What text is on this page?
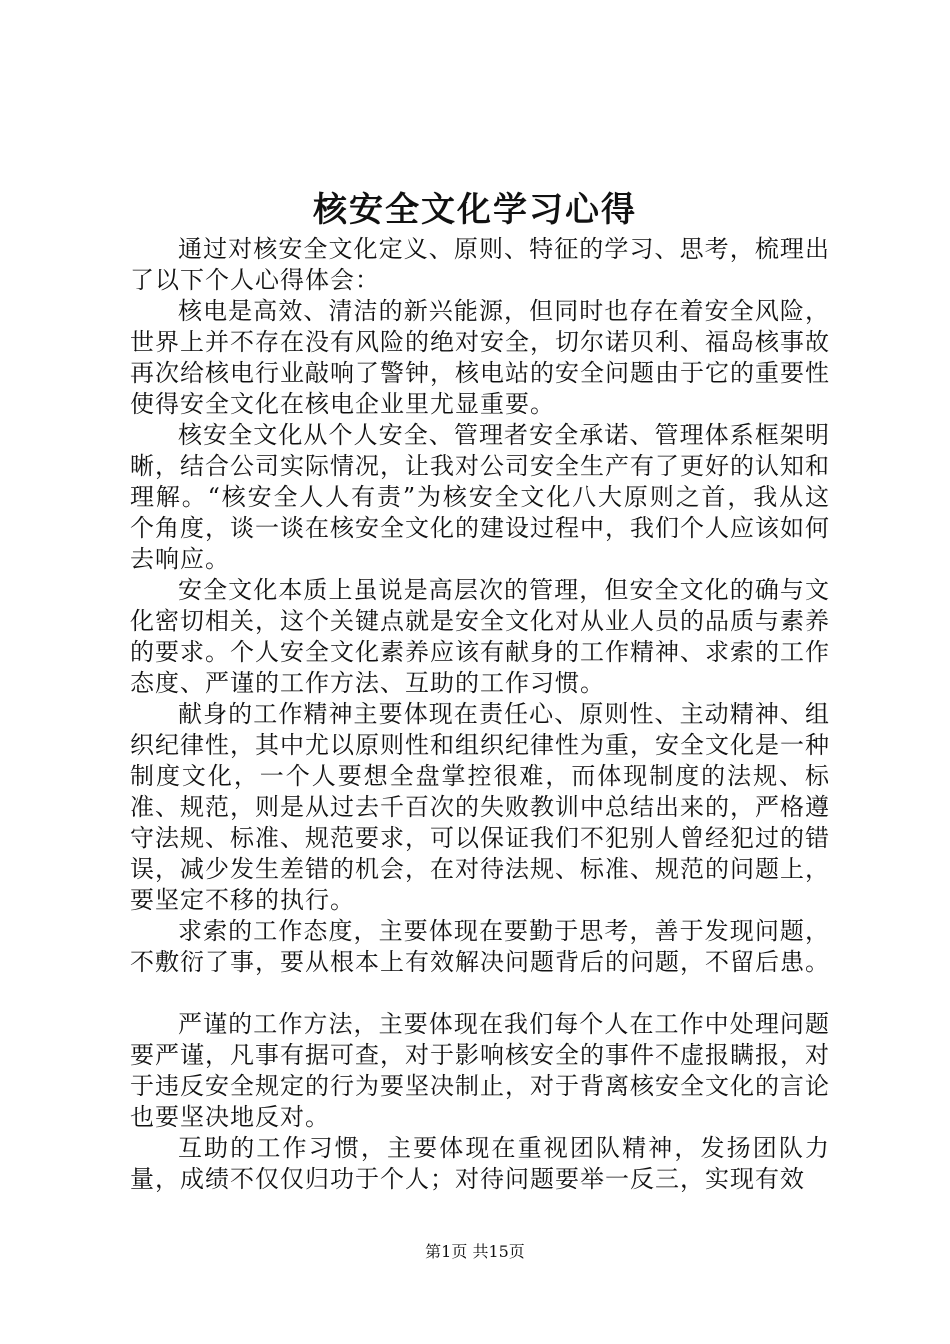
核安全文化学习心得

通过对核安全文化定义、原则、特征的学习、思考，梳理出了以下个人心得体会：

核电是高效、清洁的新兴能源，但同时也存在着安全风险，世界上并不存在没有风险的绝对安全，切尔诺贝利、福岛核事故再次给核电行业敲响了警钟，核电站的安全问题由于它的重要性使得安全文化在核电企业里尤显重要。

核安全文化从个人安全、管理者安全承诺、管理体系框架明晰，结合公司实际情况，让我对公司安全生产有了更好的认知和理解。“核安全人人有责”为核安全文化八大原则之首，我从这个角度，谈一谈在核安全文化的建设过程中，我们个人应该如何去响应。

安全文化本质上虽说是高层次的管理，但安全文化的确与文化密切相关，这个关键点就是安全文化对从业人员的品质与素养的要求。个人安全文化素养应该有献身的工作精神、求索的工作态度、严谨的工作方法、互助的工作习惯。

献身的工作精神主要体现在责任心、原则性、主动精神、组织纪律性，其中尤以原则性和组织纪律性为重，安全文化是一种制度文化，一个人要想全盘掌控很难，而体现制度的法规、标准、规范，则是从过去千百次的失败教训中总结出来的，严格遵守法规、标准、规范要求，可以保证我们不犯别人曾经犯过的错误，减少发生差错的机会，在对待法规、标准、规范的问题上，要坚定不移的执行。

求索的工作态度，主要体现在要勤于思考，善于发现问题，不敷衍了事，要从根本上有效解决问题背后的问题，不留后患。

严谨的工作方法，主要体现在我们每个人在工作中处理问题要严谨，凡事有据可查，对于影响核安全的事件不虚报瞒报，对于违反安全规定的行为要坚决制止，对于背离核安全文化的言论也要坚决地反对。

互助的工作习惯，主要体现在重视团队精神，发扬团队力量，成绩不仅仅归功于个人；对待问题要举一反三，实现有效

第1页 共15页
